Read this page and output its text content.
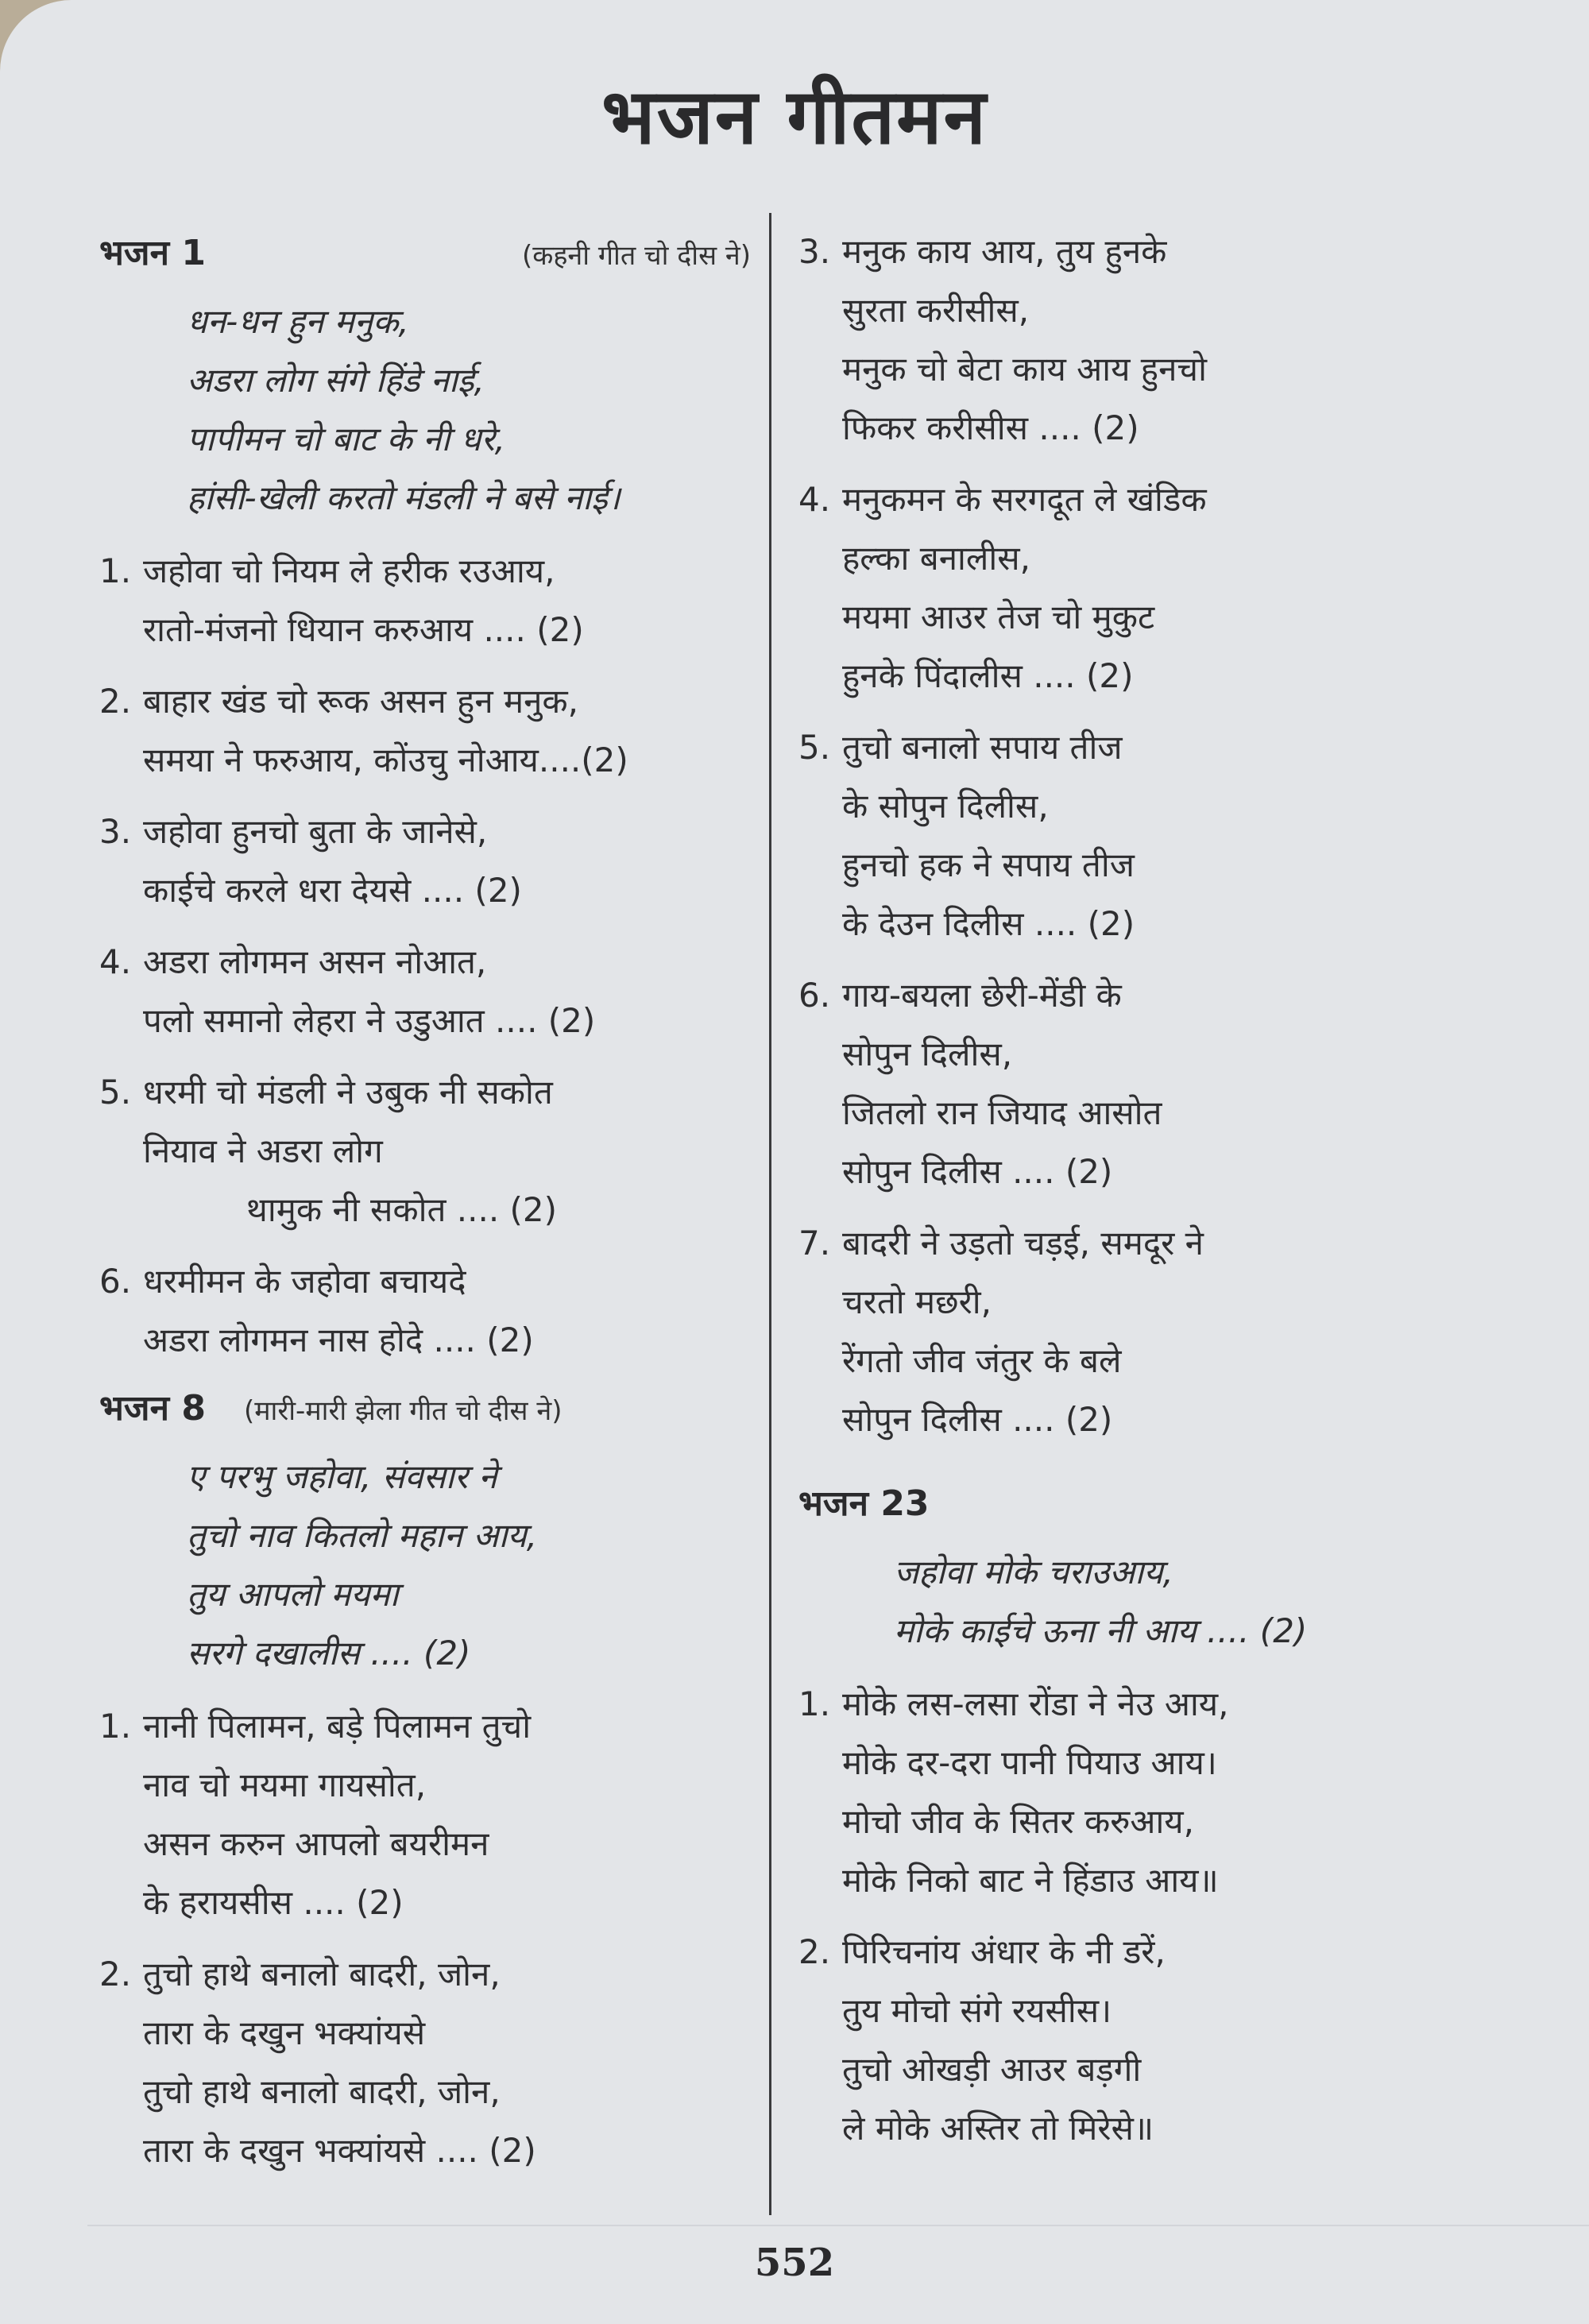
भजन गीतमन
भजन 1	(कहनी गीत चो दीस ने)
धन-धन हुन मनुक,
अडरा लोग संगे हिंडे नाई,
पापीमन चो बाट के नी धरे,
हांसी-खेली करतो मंडली ने बसे नाई।
1. जहोवा चो नियम ले हरीक रउआय,
रातो-मंजनो धियान करुआय .... (2)
2. बाहार खंड चो रूक असन हुन मनुक,
समया ने फरुआय, कोंउचु नोआय....(2)
3. जहोवा हुनचो बुता के जानेसे,
काईचे करले धरा देयसे .... (2)
4. अडरा लोगमन असन नोआत,
पलो समानो लेहरा ने उडुआत .... (2)
5. धरमी चो मंडली ने उबुक नी सकोत
नियाव ने अडरा लोग
थामुक नी सकोत .... (2)
6. धरमीमन के जहोवा बचायदे
अडरा लोगमन नास होदे .... (2)
भजन 8 (मारी-मारी झेला गीत चो दीस ने)
ए परभु जहोवा, संवसार ने
तुचो नाव कितलो महान आय,
तुय आपलो मयमा
सरगे दखालीस .... (2)
1. नानी पिलामन, बड़े पिलामन तुचो
नाव चो मयमा गायसोत,
असन करुन आपलो बयरीमन
के हरायसीस .... (2)
2. तुचो हाथे बनालो बादरी, जोन,
तारा के दखुन भक्यांयसे
तुचो हाथे बनालो बादरी, जोन,
तारा के दखुन भक्यांयसे .... (2)
3. मनुक काय आय, तुय हुनके
सुरता करीसीस,
मनुक चो बेटा काय आय हुनचो
फिकर करीसीस .... (2)
4. मनुकमन के सरगदूत ले खंडिक
हल्का बनालीस,
मयमा आउर तेज चो मुकुट
हुनके पिंदालीस .... (2)
5. तुचो बनालो सपाय तीज
के सोपुन दिलीस,
हुनचो हक ने सपाय तीज
के देउन दिलीस .... (2)
6. गाय-बयला छेरी-मेंडी के
सोपुन दिलीस,
जितलो रान जियाद आसोत
सोपुन दिलीस .... (2)
7. बादरी ने उड़तो चड़ई, समदूर ने
चरतो मछरी,
रेंगतो जीव जंतुर के बले
सोपुन दिलीस .... (2)
भजन 23
जहोवा मोके चराउआय,
मोके काईचे ऊना नी आय .... (2)
1. मोके लस-लसा रोंडा ने नेउ आय,
मोके दर-दरा पानी पियाउ आय।
मोचो जीव के सितर करुआय,
मोके निको बाट ने हिंडाउ आय॥
2. पिरिचनांय अंधार के नी डरें,
तुय मोचो संगे रयसीस।
तुचो ओखड़ी आउर बड़गी
ले मोके अस्तिर तो मिरेसे॥
552
